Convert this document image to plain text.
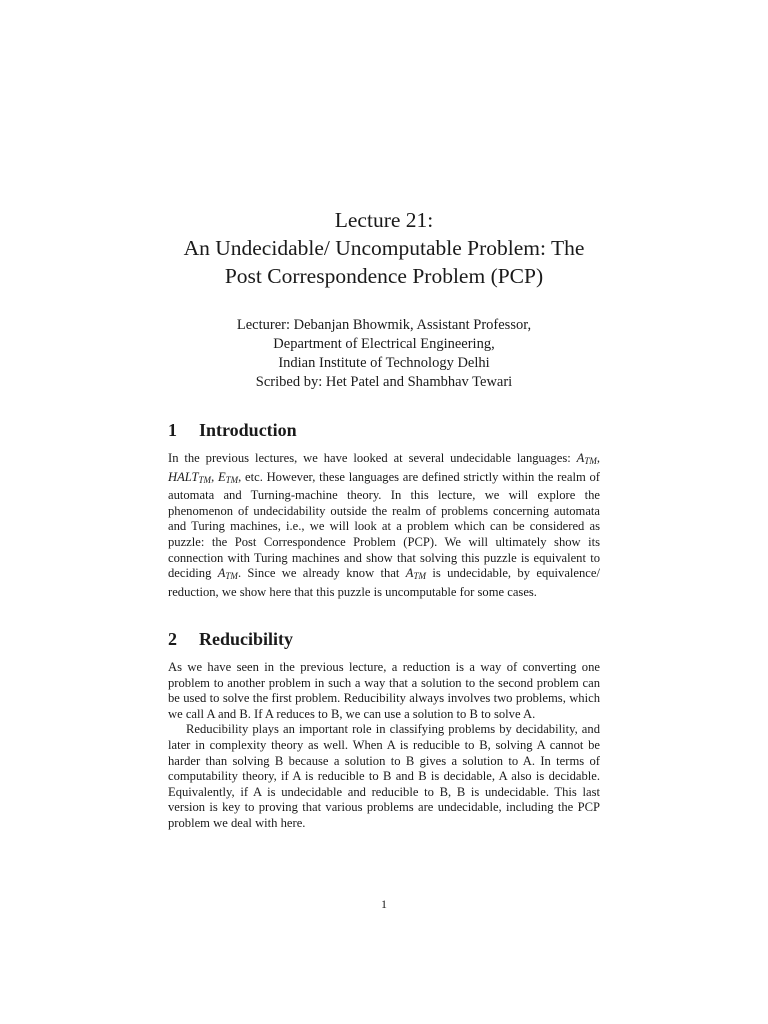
Lecture 21:
An Undecidable/ Uncomputable Problem: The
Post Correspondence Problem (PCP)
Lecturer: Debanjan Bhowmik, Assistant Professor,
Department of Electrical Engineering,
Indian Institute of Technology Delhi
Scribed by: Het Patel and Shambhav Tewari
1 Introduction

In the previous lectures, we have looked at several undecidable languages: $A_{TM}$, $HALT_{TM}$, $E_{TM}$, etc. However, these languages are defined strictly within the realm of automata and Turning-machine theory. In this lecture, we will explore the phenomenon of undecidability outside the realm of problems concerning automata and Turing machines, i.e., we will look at a problem which can be considered as puzzle: the Post Correspondence Problem (PCP). We will ultimately show its connection with Turing machines and show that solving this puzzle is equivalent to deciding $A_{TM}$. Since we already know that $A_{TM}$ is undecidable, by equivalence/ reduction, we show here that this puzzle is uncomputable for some cases.

2 Reducibility

As we have seen in the previous lecture, a reduction is a way of converting one problem to another problem in such a way that a solution to the second problem can be used to solve the first problem. Reducibility always involves two problems, which we call A and B. If A reduces to B, we can use a solution to B to solve A.

Reducibility plays an important role in classifying problems by decidability, and later in complexity theory as well. When A is reducible to B, solving A cannot be harder than solving B because a solution to B gives a solution to A. In terms of computability theory, if A is reducible to B and B is decidable, A also is decidable. Equivalently, if A is undecidable and reducible to B, B is undecidable. This last version is key to proving that various problems are undecidable, including the PCP problem we deal with here.

1
